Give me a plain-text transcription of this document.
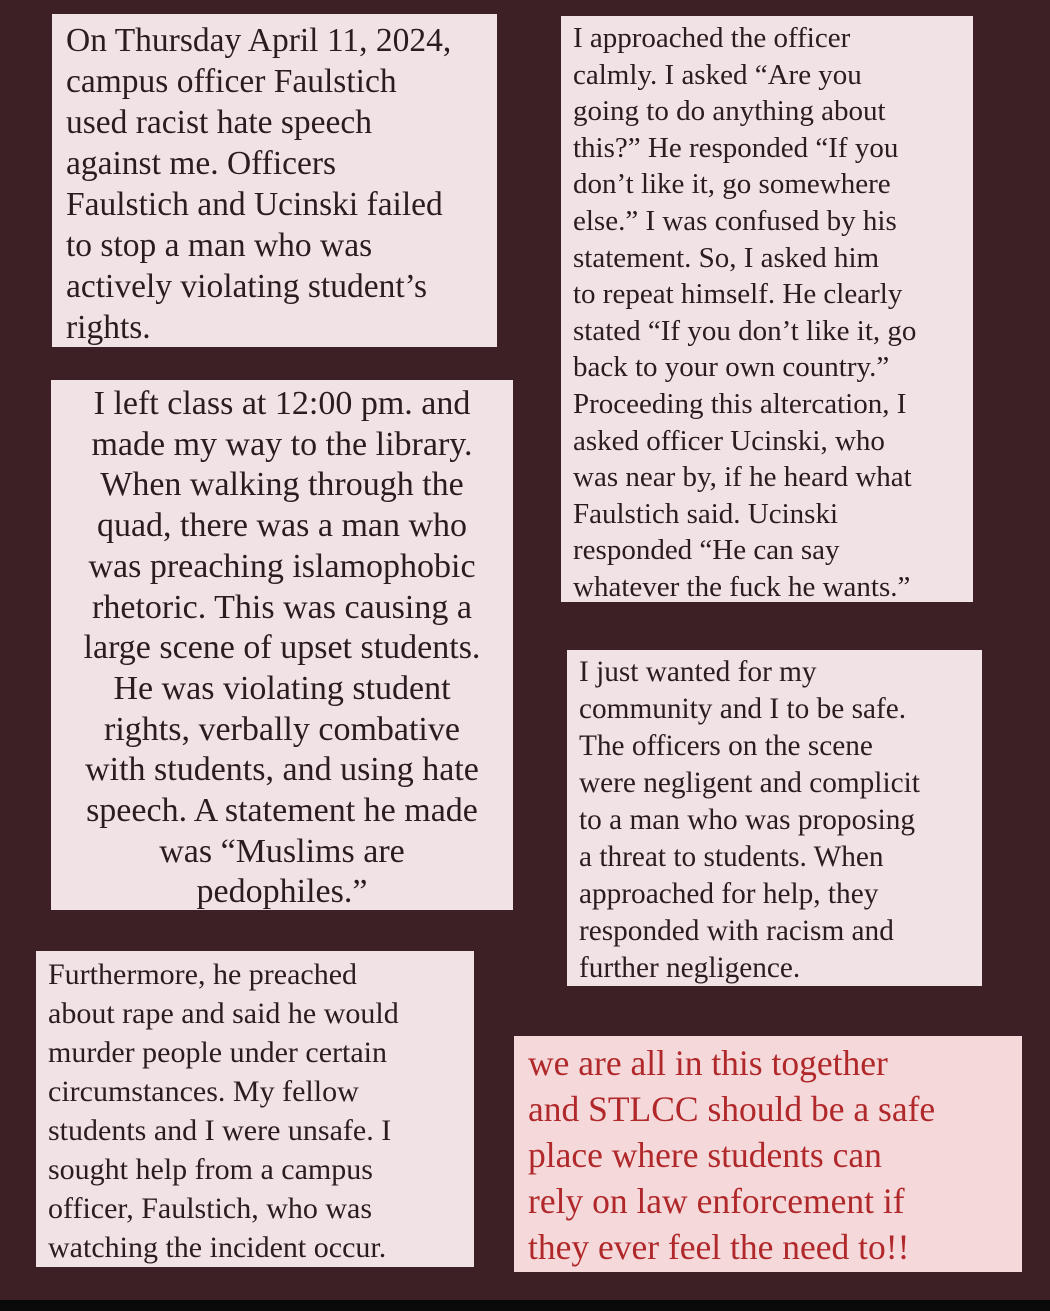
On Thursday April 11, 2024,
campus officer Faulstich
used racist hate speech
against me. Officers
Faulstich and Ucinski failed
to stop a man who was
actively violating student’s
rights.

I approached the officer
calmly. I asked “Are you
going to do anything about
this?” He responded “If you
don’t like it, go somewhere
else.” I was confused by his
statement. So, I asked him
to repeat himself. He clearly
stated “If you don’t like it, go
back to your own country.”
Proceeding this altercation, I
asked officer Ucinski, who
was near by, if he heard what
Faulstich said. Ucinski
responded “He can say
whatever the fuck he wants.”

I left class at 12:00 pm. and
made my way to the library.
When walking through the
quad, there was a man who
was preaching islamophobic
rhetoric. This was causing a
large scene of upset students.
He was violating student
rights, verbally combative
with students, and using hate
speech. A statement he made
was “Muslims are
pedophiles.”

I just wanted for my
community and I to be safe.
The officers on the scene
were negligent and complicit
to a man who was proposing
a threat to students. When
approached for help, they
responded with racism and
further negligence.

Furthermore, he preached
about rape and said he would
murder people under certain
circumstances. My fellow
students and I were unsafe. I
sought help from a campus
officer, Faulstich, who was
watching the incident occur.

we are all in this together
and STLCC should be a safe
place where students can
rely on law enforcement if
they ever feel the need to!!
